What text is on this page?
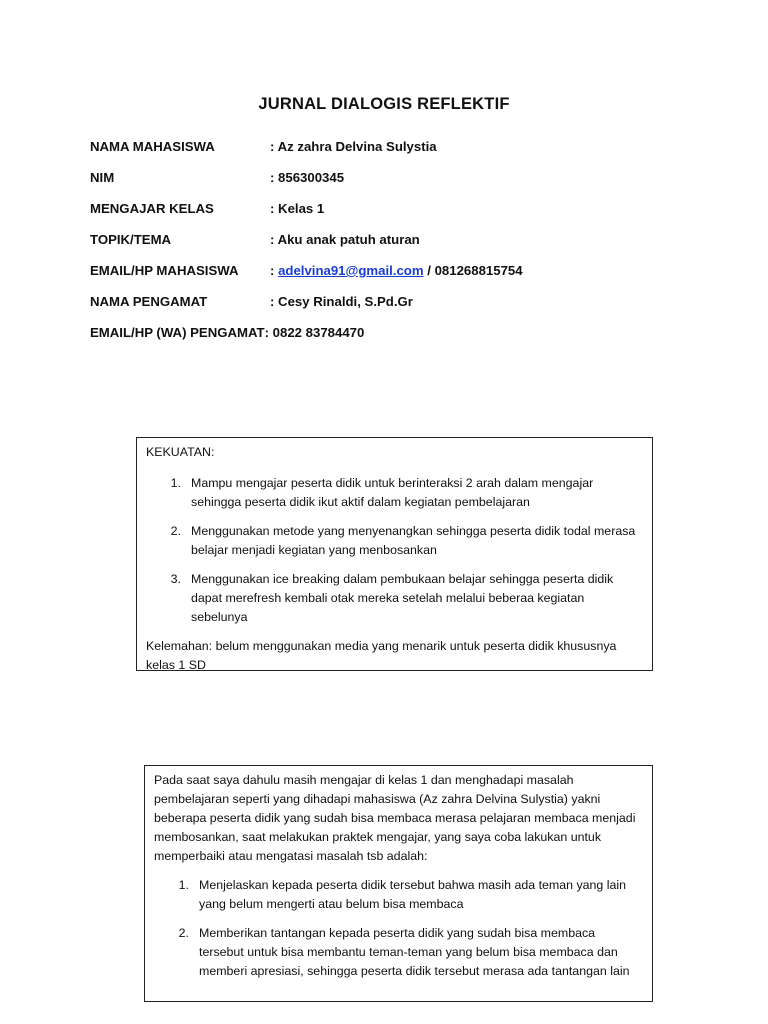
JURNAL DIALOGIS REFLEKTIF
NAMA MAHASISWA	: Az zahra Delvina Sulystia
NIM	: 856300345
MENGAJAR KELAS	: Kelas 1
TOPIK/TEMA	: Aku anak patuh aturan
EMAIL/HP MAHASISWA	: adelvina91@gmail.com / 081268815754
NAMA PENGAMAT	: Cesy Rinaldi, S.Pd.Gr
EMAIL/HP (WA) PENGAMAT : 0822 83784470

KEKUATAN:

1. Mampu mengajar peserta didik untuk berinteraksi 2 arah dalam mengajar sehingga peserta didik ikut aktif dalam kegiatan pembelajaran
2. Menggunakan metode yang menyenangkan sehingga peserta didik todal merasa belajar menjadi kegiatan yang menbosankan
3. Menggunakan ice breaking dalam pembukaan belajar sehingga peserta didik dapat merefresh kembali otak mereka setelah melalui beberaa kegiatan sebelunya

Kelemahan: belum menggunakan media yang menarik untuk peserta didik khususnya kelas 1 SD

Pada saat saya dahulu masih mengajar di kelas 1 dan menghadapi masalah pembelajaran seperti yang dihadapi mahasiswa (Az zahra Delvina Sulystia) yakni beberapa peserta didik yang sudah bisa membaca merasa pelajaran membaca menjadi membosankan, saat melakukan praktek mengajar, yang saya coba lakukan untuk memperbaiki atau mengatasi masalah tsb adalah:

1. Menjelaskan kepada peserta didik tersebut bahwa masih ada teman yang lain yang belum mengerti atau belum bisa membaca
2. Memberikan tantangan kepada peserta didik yang sudah bisa membaca tersebut untuk bisa membantu teman-teman yang belum bisa membaca dan memberi apresiasi, sehingga peserta didik tersebut merasa ada tantangan lain
